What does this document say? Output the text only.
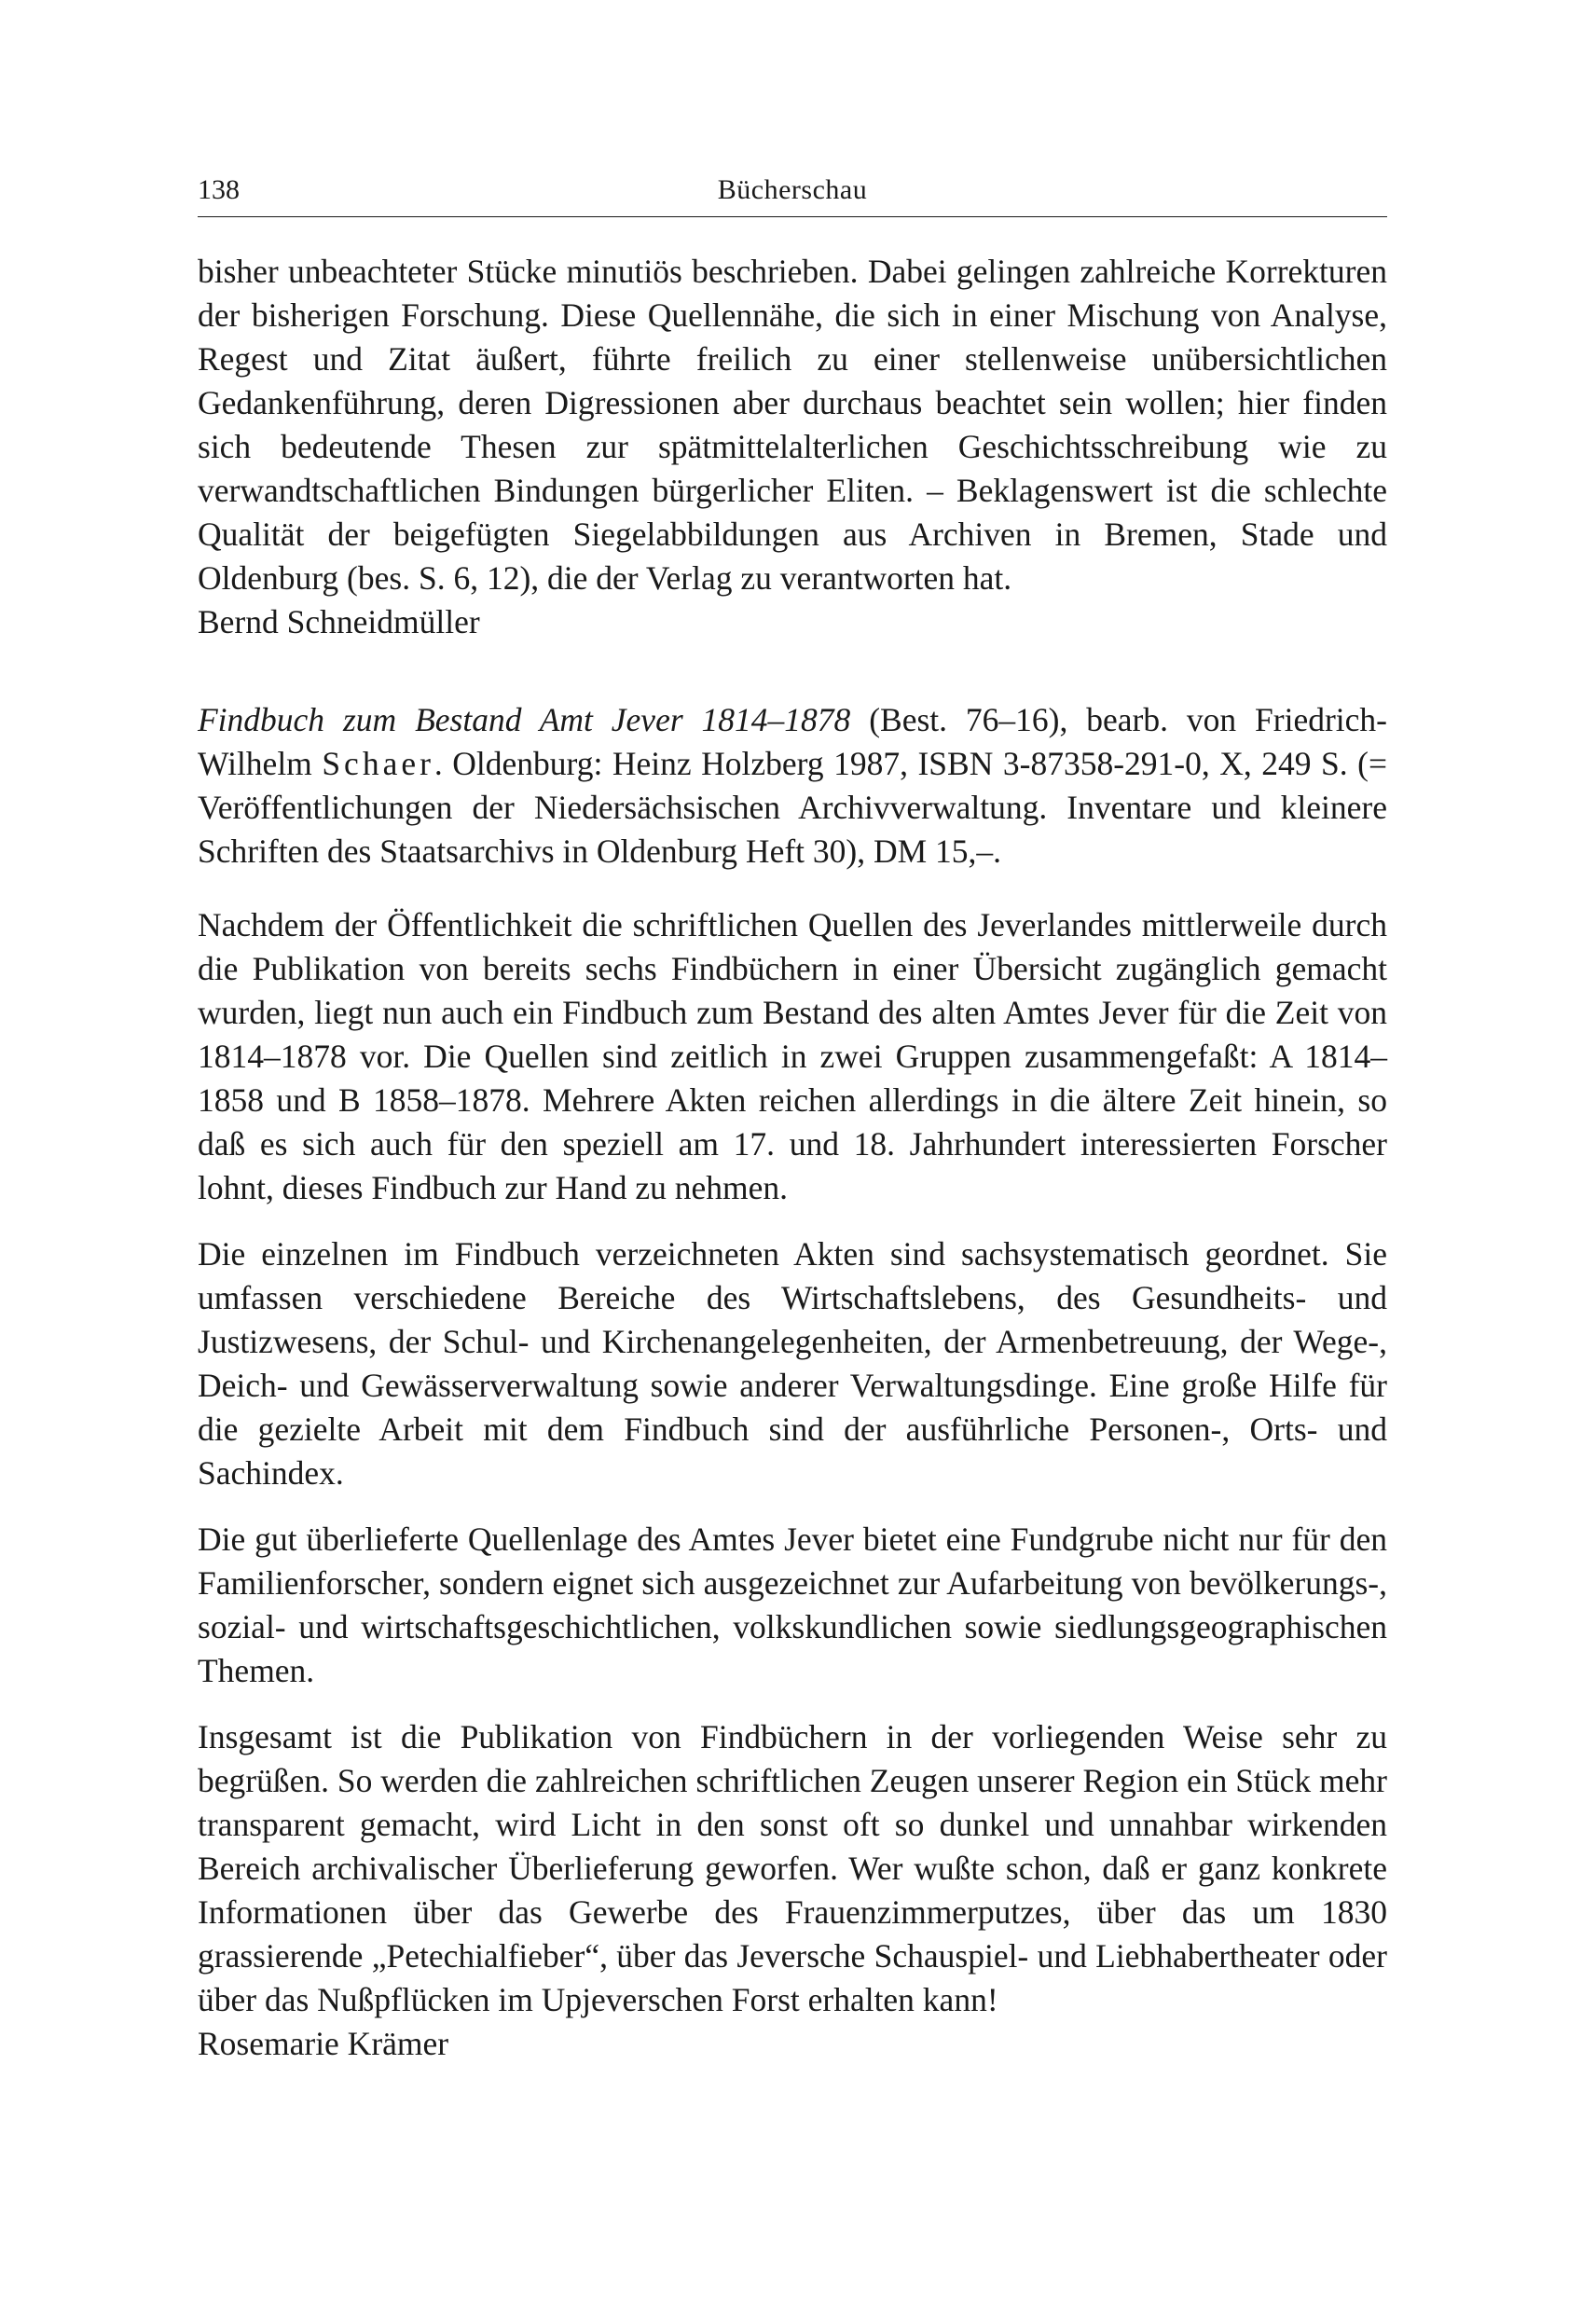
138	Bücherschau

bisher unbeachteter Stücke minutiös beschrieben. Dabei gelingen zahlreiche Korrekturen der bisherigen Forschung. Diese Quellennähe, die sich in einer Mischung von Analyse, Regest und Zitat äußert, führte freilich zu einer stellenweise unübersichtlichen Gedankenführung, deren Digressionen aber durchaus beachtet sein wollen; hier finden sich bedeutende Thesen zur spätmittelalterlichen Geschichtsschreibung wie zu verwandtschaftlichen Bindungen bürgerlicher Eliten. – Beklagenswert ist die schlechte Qualität der beigefügten Siegelabbildungen aus Archiven in Bremen, Stade und Oldenburg (bes. S. 6, 12), die der Verlag zu verantworten hat.

Bernd Schneidmüller

Findbuch zum Bestand Amt Jever 1814–1878 (Best. 76–16), bearb. von Friedrich-Wilhelm Schaer. Oldenburg: Heinz Holzberg 1987, ISBN 3-87358-291-0, X, 249 S. (= Veröffentlichungen der Niedersächsischen Archivverwaltung. Inventare und kleinere Schriften des Staatsarchivs in Oldenburg Heft 30), DM 15,–.

Nachdem der Öffentlichkeit die schriftlichen Quellen des Jeverlandes mittlerweile durch die Publikation von bereits sechs Findbüchern in einer Übersicht zugänglich gemacht wurden, liegt nun auch ein Findbuch zum Bestand des alten Amtes Jever für die Zeit von 1814–1878 vor. Die Quellen sind zeitlich in zwei Gruppen zusammengefaßt: A 1814–1858 und B 1858–1878. Mehrere Akten reichen allerdings in die ältere Zeit hinein, so daß es sich auch für den speziell am 17. und 18. Jahrhundert interessierten Forscher lohnt, dieses Findbuch zur Hand zu nehmen.

Die einzelnen im Findbuch verzeichneten Akten sind sachsystematisch geordnet. Sie umfassen verschiedene Bereiche des Wirtschaftslebens, des Gesundheits- und Justizwesens, der Schul- und Kirchenangelegenheiten, der Armenbetreuung, der Wege-, Deich- und Gewässerverwaltung sowie anderer Verwaltungsdinge. Eine große Hilfe für die gezielte Arbeit mit dem Findbuch sind der ausführliche Personen-, Orts- und Sachindex.

Die gut überlieferte Quellenlage des Amtes Jever bietet eine Fundgrube nicht nur für den Familienforscher, sondern eignet sich ausgezeichnet zur Aufarbeitung von bevölkerungs-, sozial- und wirtschaftsgeschichtlichen, volkskundlichen sowie siedlungsgeographischen Themen.

Insgesamt ist die Publikation von Findbüchern in der vorliegenden Weise sehr zu begrüßen. So werden die zahlreichen schriftlichen Zeugen unserer Region ein Stück mehr transparent gemacht, wird Licht in den sonst oft so dunkel und unnahbar wirkenden Bereich archivalischer Überlieferung geworfen. Wer wußte schon, daß er ganz konkrete Informationen über das Gewerbe des Frauenzimmerputzes, über das um 1830 grassierende „Petechialfieber“, über das Jeversche Schauspiel- und Liebhabertheater oder über das Nußpflücken im Upjeverschen Forst erhalten kann!

Rosemarie Krämer
